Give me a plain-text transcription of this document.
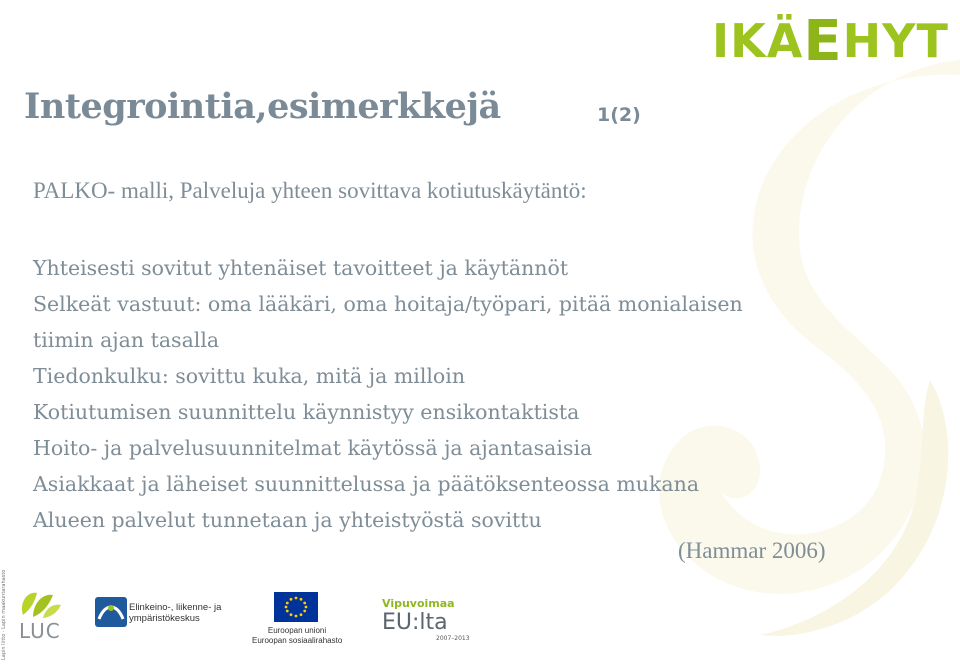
IKÄEHYT
Integrointia,esimerkkejä	1(2)
PALKO- malli, Palveluja yhteen sovittava kotiutuskäytäntö:
Yhteisesti sovitut yhtenäiset tavoitteet ja käytännöt
Selkeät vastuut: oma lääkäri, oma hoitaja/työpari, pitää monialaisen
tiimin ajan tasalla
Tiedonkulku: sovittu kuka, mitä ja milloin
Kotiutumisen suunnittelu käynnistyy ensikontaktista
Hoito- ja palvelusuunnitelmat käytössä ja ajantasaisia
Asiakkaat ja läheiset suunnittelussa ja päätöksenteossa mukana
Alueen palvelut tunnetaan ja yhteistyöstä sovittu
(Hammar 2006)
Lapin liitto · Lapin maakuntarahasto LUC
Elinkeino-, liikenne- ja
ympäristökeskus
Euroopan unioni
Euroopan sosiaalirahasto
Vipuvoimaa
EU:lta
2007–2013
